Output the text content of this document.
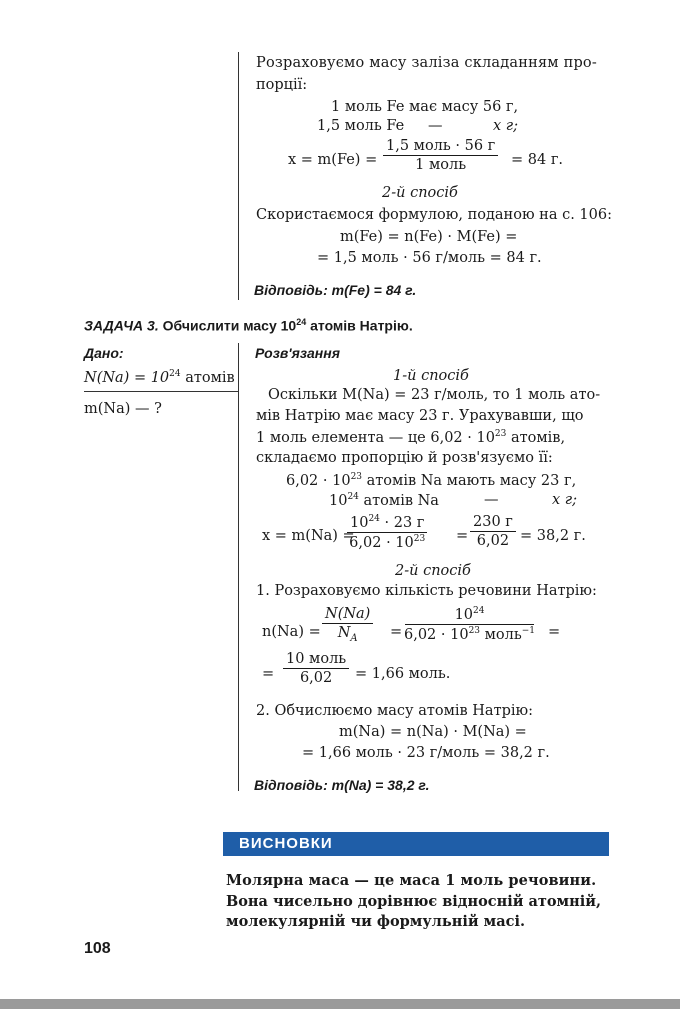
Розраховуємо масу заліза складанням про-
порції:
1 моль Fe має масу 56 г,
1,5 моль Fe —	x г;
x = m(Fe) =
1,5 моль · 56 г
1 моль	= 84 г.
2-й спосіб
Скористаємося формулою, поданою на с. 106:
m(Fe) = n(Fe) · M(Fe) =
= 1,5 моль · 56 г/моль = 84 г.
Відповідь: m(Fe) = 84 г.
ЗАДАЧА 3. Обчислити масу $10^{24}$ атомів Натрію.
Дано:
$N(Na) = 10^{24}$ атомів
m(Na) — ?
Розв'язання
1-й спосіб
Оскільки M(Na) = 23 г/моль, то 1 моль ато-
мів Натрію має масу 23 г. Урахувавши, що
1 моль елемента — це $6,02 \cdot 10^{23}$ атомів,
складаємо пропорцію й розв'язуємо її:
$6,02 \cdot 10^{23}$ атомів Na мають масу 23 г,
$10^{24}$ атомів Na	—	x г;
x = m(Na) =
$10^{24} \cdot 23$ г
$6,02 \cdot 10^{23}$ =
230 г
6,02 = 38,2 г.
2-й спосіб
1. Розраховуємо кількість речовини Натрію:
$n(Na) = \frac{N(Na)}{N_A}$ =
$10^{24}$
$6,02 \cdot 10^{23}$ моль$^{-1}$ =
=
10 моль
6,02 = 1,66 моль.
2. Обчислюємо масу атомів Натрію:
m(Na) = n(Na) · M(Na) =
= 1,66 моль · 23 г/моль = 38,2 г.
Відповідь: m(Na) = 38,2 г.
ВИСНОВКИ
Молярна маса — це маса 1 моль речовини.
Вона чисельно дорівнює відносній атомній,
молекулярній чи формульній масі.
108
